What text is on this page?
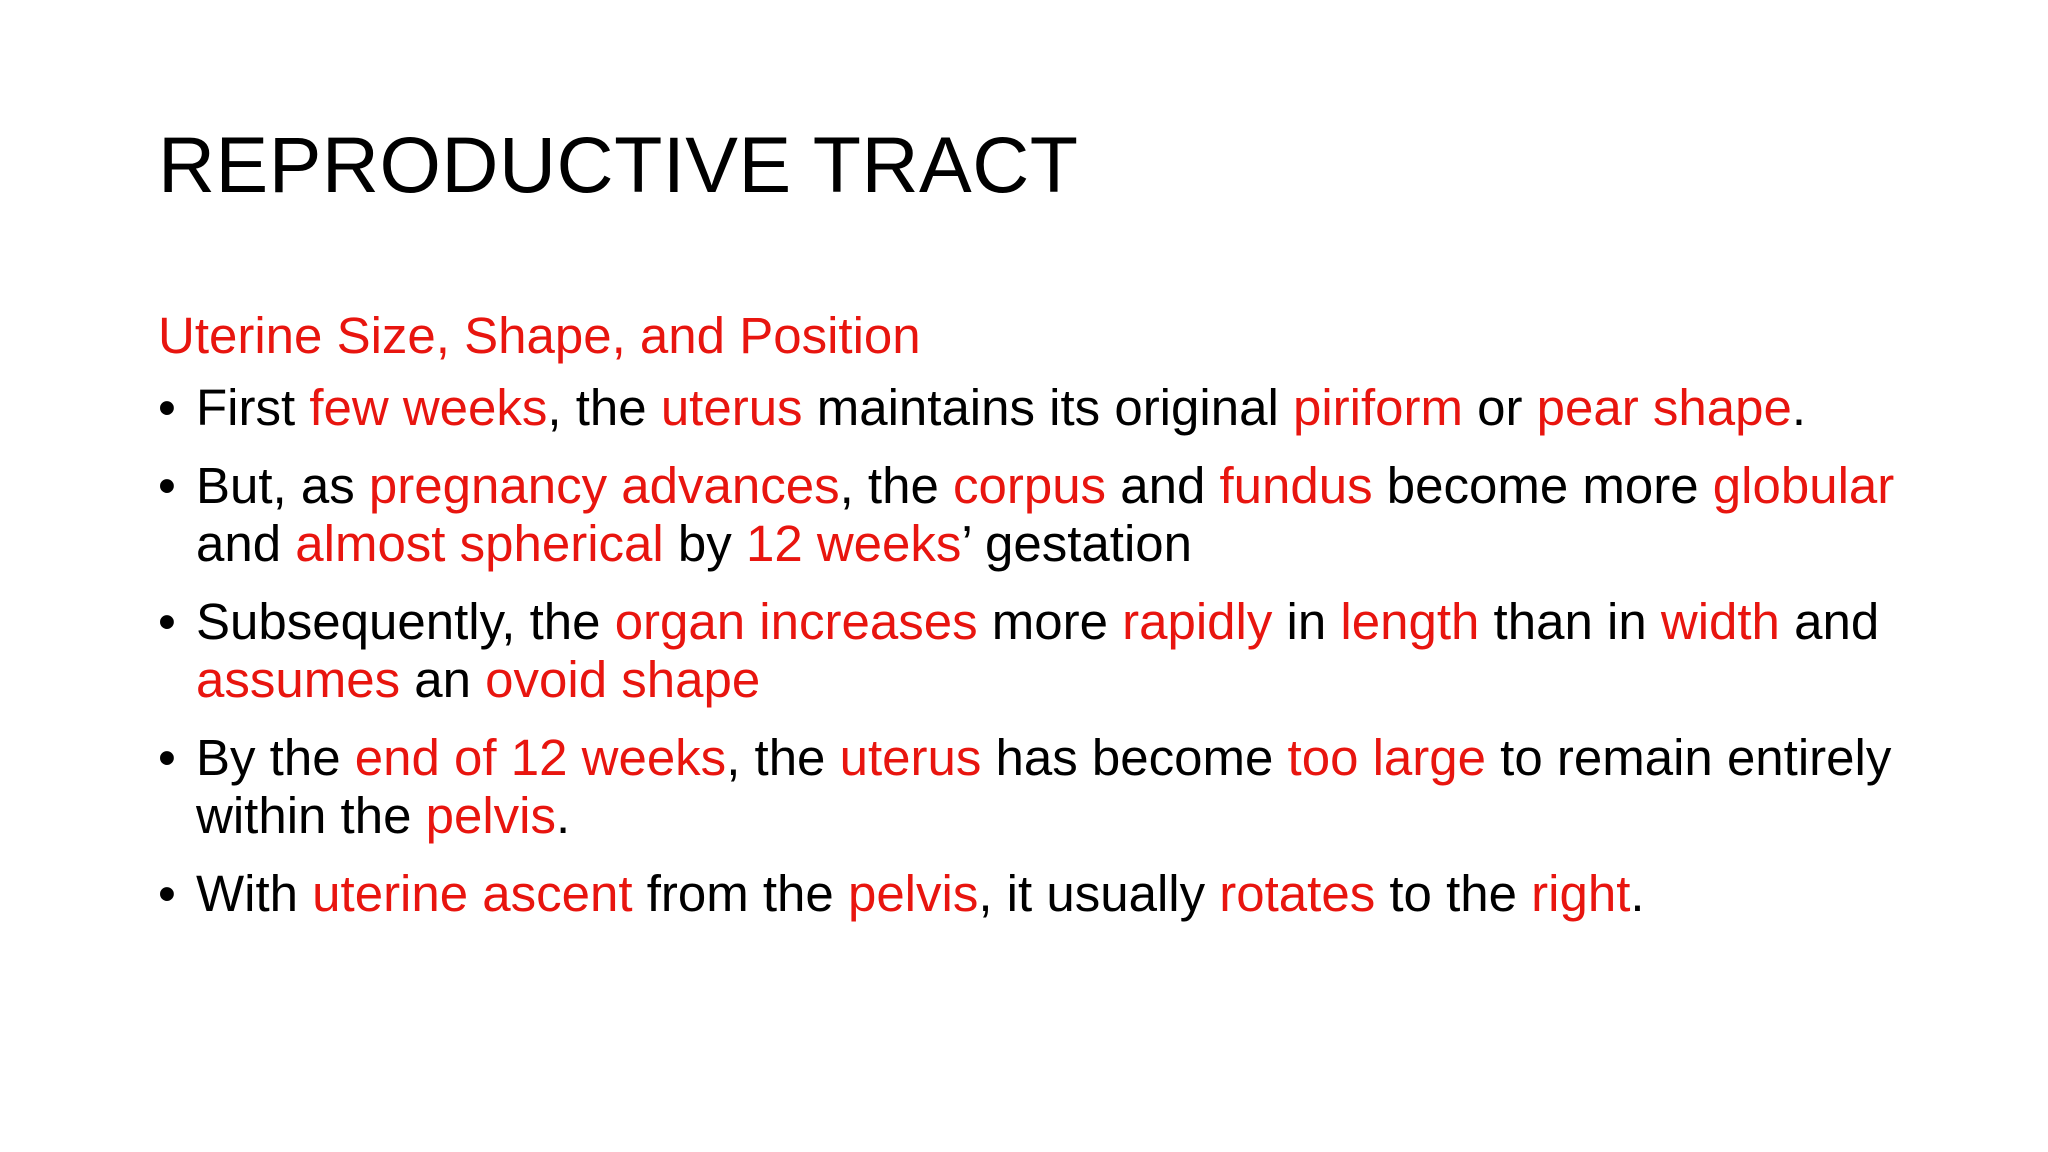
REPRODUCTIVE TRACT
Uterine Size, Shape, and Position
• First few weeks, the uterus maintains its original piriform or pear shape.
• But, as pregnancy advances, the corpus and fundus become more globular and almost spherical by 12 weeks’ gestation
• Subsequently, the organ increases more rapidly in length than in width and assumes an ovoid shape
• By the end of 12 weeks, the uterus has become too large to remain entirely within the pelvis.
• With uterine ascent from the pelvis, it usually rotates to the right.
